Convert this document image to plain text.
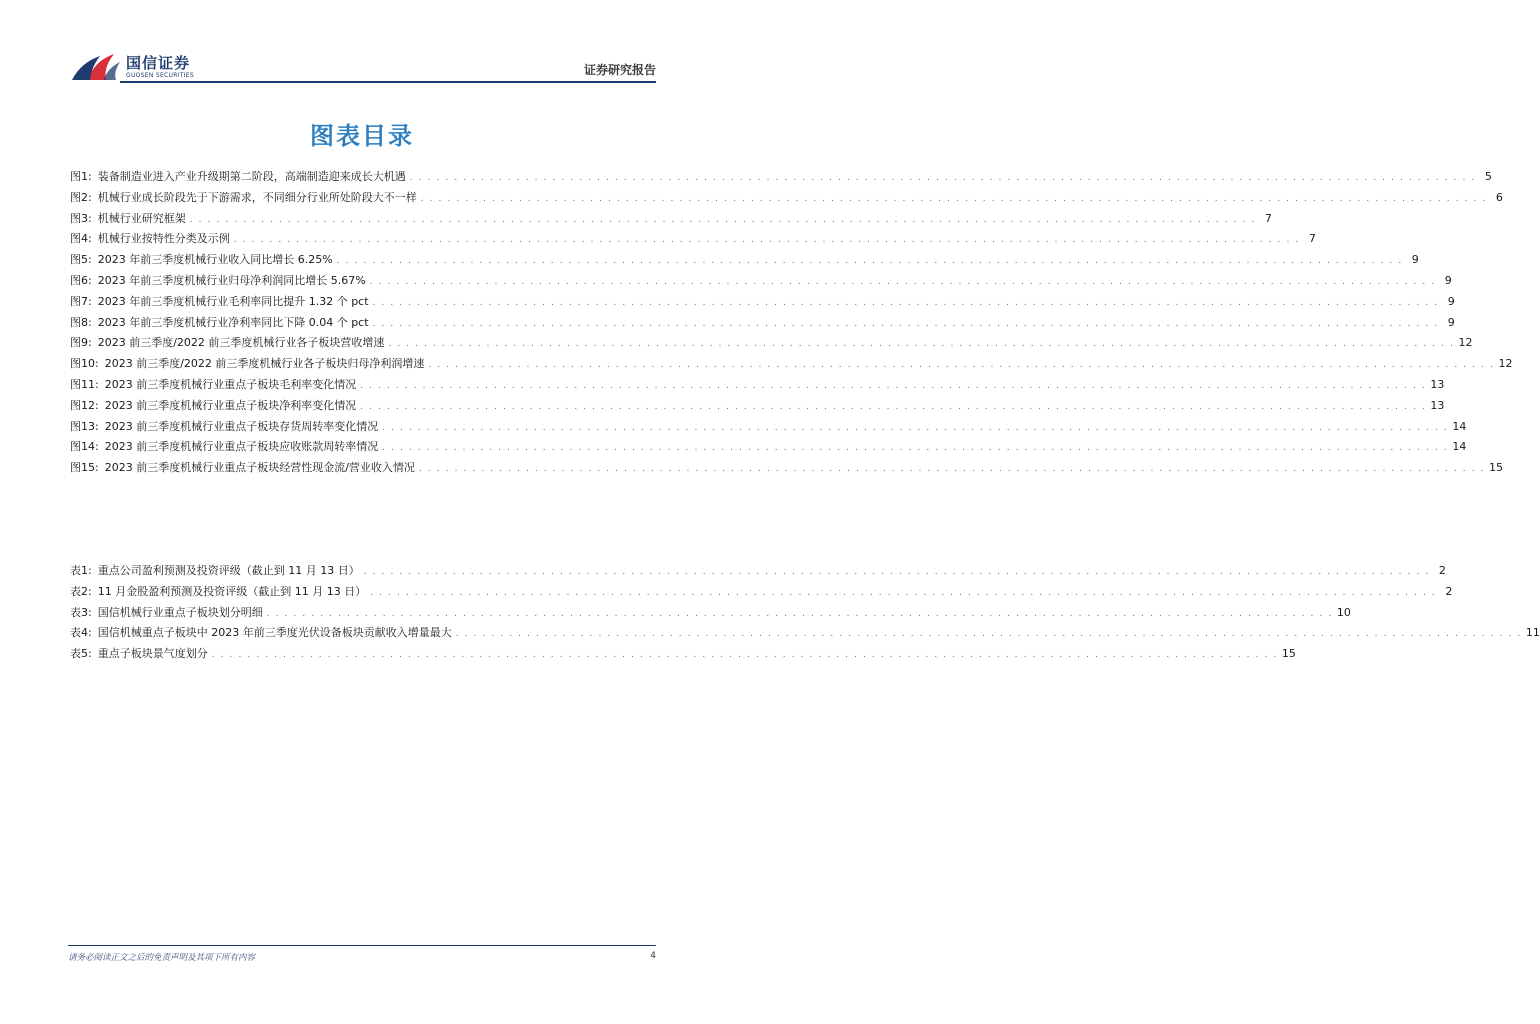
国信证券
GUOSEN SECURITIES	证券研究报告
图表目录
图1: 装备制造业进入产业升级期第二阶段，高端制造迎来成长大机遇 . . . . . . . . . . . . . . . . . . . . . . . . . . . . . . . . . . . . . . . . . . . . . . . . . . . . . . . . . . . . . . . . . . . . . . . . . . . . . . . . . . . . . . . . . . . . . . . . . . . . . . . . . . . . . . . . . . . . . . . . 5
图2: 机械行业成长阶段先于下游需求，不同细分行业所处阶段大不一样 . . . . . . . . . . . . . . . . . . . . . . . . . . . . . . . . . . . . . . . . . . . . . . . . . . . . . . . . . . . . . . . . . . . . . . . . . . . . . . . . . . . . . . . . . . . . . . . . . . . . . . . . . . . . . . . . . . . . . . . . 6
图3: 机械行业研究框架 . . . . . . . . . . . . . . . . . . . . . . . . . . . . . . . . . . . . . . . . . . . . . . . . . . . . . . . . . . . . . . . . . . . . . . . . . . . . . . . . . . . . . . . . . . . . . . . . . . . . . . . . . . . . . . . . . . . . . . . . 7
图4: 机械行业按特性分类及示例 . . . . . . . . . . . . . . . . . . . . . . . . . . . . . . . . . . . . . . . . . . . . . . . . . . . . . . . . . . . . . . . . . . . . . . . . . . . . . . . . . . . . . . . . . . . . . . . . . . . . . . . . . . . . . . . . . . . . . . . . 7
图5: 2023 年前三季度机械行业收入同比增长 6.25% . . . . . . . . . . . . . . . . . . . . . . . . . . . . . . . . . . . . . . . . . . . . . . . . . . . . . . . . . . . . . . . . . . . . . . . . . . . . . . . . . . . . . . . . . . . . . . . . . . . . . . . . . . . . . . . . . . . . . . . . 9
图6: 2023 年前三季度机械行业归母净利润同比增长 5.67% . . . . . . . . . . . . . . . . . . . . . . . . . . . . . . . . . . . . . . . . . . . . . . . . . . . . . . . . . . . . . . . . . . . . . . . . . . . . . . . . . . . . . . . . . . . . . . . . . . . . . . . . . . . . . . . . . . . . . . . . 9
图7: 2023 年前三季度机械行业毛利率同比提升 1.32 个 pct . . . . . . . . . . . . . . . . . . . . . . . . . . . . . . . . . . . . . . . . . . . . . . . . . . . . . . . . . . . . . . . . . . . . . . . . . . . . . . . . . . . . . . . . . . . . . . . . . . . . . . . . . . . . . . . . . . . . . . . . 9
图8: 2023 年前三季度机械行业净利率同比下降 0.04 个 pct . . . . . . . . . . . . . . . . . . . . . . . . . . . . . . . . . . . . . . . . . . . . . . . . . . . . . . . . . . . . . . . . . . . . . . . . . . . . . . . . . . . . . . . . . . . . . . . . . . . . . . . . . . . . . . . . . . . . . . . . 9
图9: 2023 前三季度/2022 前三季度机械行业各子板块营收增速 . . . . . . . . . . . . . . . . . . . . . . . . . . . . . . . . . . . . . . . . . . . . . . . . . . . . . . . . . . . . . . . . . . . . . . . . . . . . . . . . . . . . . . . . . . . . . . . . . . . . . . . . . . . . . . . . . . . . . . . . 12
图10: 2023 前三季度/2022 前三季度机械行业各子板块归母净利润增速 . . . . . . . . . . . . . . . . . . . . . . . . . . . . . . . . . . . . . . . . . . . . . . . . . . . . . . . . . . . . . . . . . . . . . . . . . . . . . . . . . . . . . . . . . . . . . . . . . . . . . . . . . . . . . . . . . . . . . . . . 12
图11: 2023 前三季度机械行业重点子板块毛利率变化情况 . . . . . . . . . . . . . . . . . . . . . . . . . . . . . . . . . . . . . . . . . . . . . . . . . . . . . . . . . . . . . . . . . . . . . . . . . . . . . . . . . . . . . . . . . . . . . . . . . . . . . . . . . . . . . . . . . . . . . . . . 13
图12: 2023 前三季度机械行业重点子板块净利率变化情况 . . . . . . . . . . . . . . . . . . . . . . . . . . . . . . . . . . . . . . . . . . . . . . . . . . . . . . . . . . . . . . . . . . . . . . . . . . . . . . . . . . . . . . . . . . . . . . . . . . . . . . . . . . . . . . . . . . . . . . . . 13
图13: 2023 前三季度机械行业重点子板块存货周转率变化情况 . . . . . . . . . . . . . . . . . . . . . . . . . . . . . . . . . . . . . . . . . . . . . . . . . . . . . . . . . . . . . . . . . . . . . . . . . . . . . . . . . . . . . . . . . . . . . . . . . . . . . . . . . . . . . . . . . . . . . . . . 14
图14: 2023 前三季度机械行业重点子板块应收账款周转率情况 . . . . . . . . . . . . . . . . . . . . . . . . . . . . . . . . . . . . . . . . . . . . . . . . . . . . . . . . . . . . . . . . . . . . . . . . . . . . . . . . . . . . . . . . . . . . . . . . . . . . . . . . . . . . . . . . . . . . . . . . 14
图15: 2023 前三季度机械行业重点子板块经营性现金流/营业收入情况 . . . . . . . . . . . . . . . . . . . . . . . . . . . . . . . . . . . . . . . . . . . . . . . . . . . . . . . . . . . . . . . . . . . . . . . . . . . . . . . . . . . . . . . . . . . . . . . . . . . . . . . . . . . . . . . . . . . . . . . . 15
表1: 重点公司盈利预测及投资评级（截止到 11 月 13 日） . . . . . . . . . . . . . . . . . . . . . . . . . . . . . . . . . . . . . . . . . . . . . . . . . . . . . . . . . . . . . . . . . . . . . . . . . . . . . . . . . . . . . . . . . . . . . . . . . . . . . . . . . . . . . . . . . . . . . . . . 2
表2: 11 月金股盈利预测及投资评级（截止到 11 月 13 日） . . . . . . . . . . . . . . . . . . . . . . . . . . . . . . . . . . . . . . . . . . . . . . . . . . . . . . . . . . . . . . . . . . . . . . . . . . . . . . . . . . . . . . . . . . . . . . . . . . . . . . . . . . . . . . . . . . . . . . . . 2
表3: 国信机械行业重点子板块划分明细 . . . . . . . . . . . . . . . . . . . . . . . . . . . . . . . . . . . . . . . . . . . . . . . . . . . . . . . . . . . . . . . . . . . . . . . . . . . . . . . . . . . . . . . . . . . . . . . . . . . . . . . . . . . . . . . . . . . . . . . . 10
表4: 国信机械重点子板块中 2023 年前三季度光伏设备板块贡献收入增量最大 . . . . . . . . . . . . . . . . . . . . . . . . . . . . . . . . . . . . . . . . . . . . . . . . . . . . . . . . . . . . . . . . . . . . . . . . . . . . . . . . . . . . . . . . . . . . . . . . . . . . . . . . . . . . . . . . . . . . . . . . 11
表5: 重点子板块景气度划分 . . . . . . . . . . . . . . . . . . . . . . . . . . . . . . . . . . . . . . . . . . . . . . . . . . . . . . . . . . . . . . . . . . . . . . . . . . . . . . . . . . . . . . . . . . . . . . . . . . . . . . . . . . . . . . . . . . . . . . . . 15
请务必阅读正文之后的免责声明及其项下所有内容	4
